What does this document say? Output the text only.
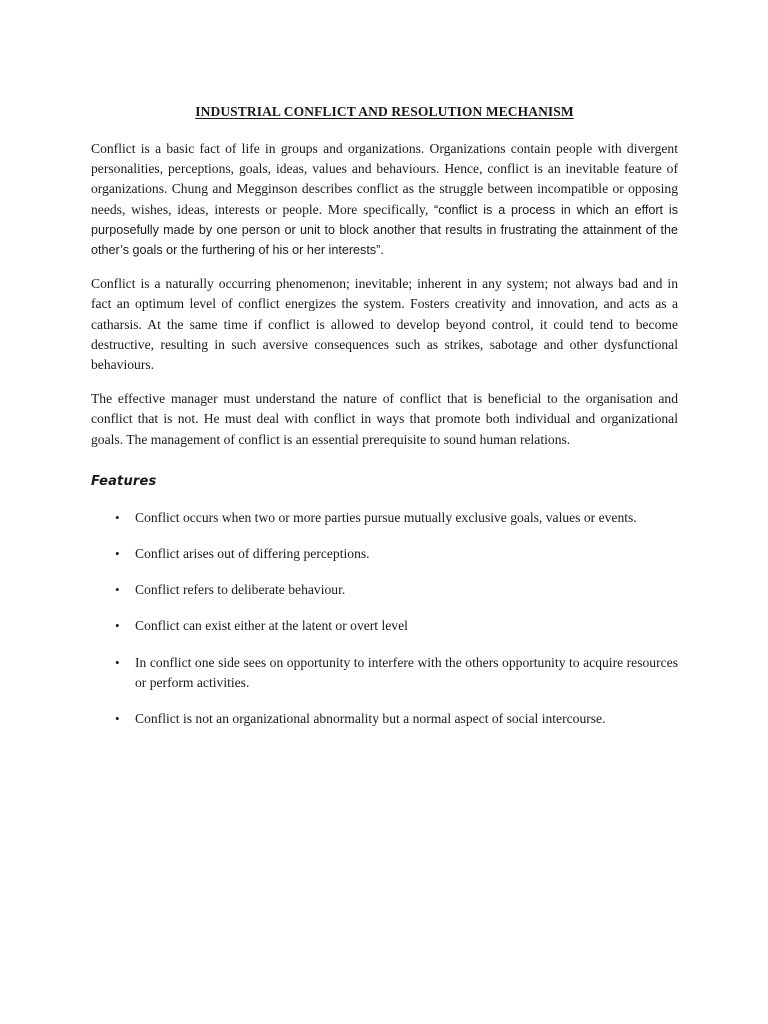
INDUSTRIAL CONFLICT AND RESOLUTION MECHANISM

Conflict is a basic fact of life in groups and organizations. Organizations contain people with divergent personalities, perceptions, goals, ideas, values and behaviours. Hence, conflict is an inevitable feature of organizations. Chung and Megginson describes conflict as the struggle between incompatible or opposing needs, wishes, ideas, interests or people. More specifically, “conflict is a process in which an effort is purposefully made by one person or unit to block another that results in frustrating the attainment of the other’s goals or the furthering of his or her interests”.

Conflict is a naturally occurring phenomenon; inevitable; inherent in any system; not always bad and in fact an optimum level of conflict energizes the system. Fosters creativity and innovation, and acts as a catharsis. At the same time if conflict is allowed to develop beyond control, it could tend to become destructive, resulting in such aversive consequences such as strikes, sabotage and other dysfunctional behaviours.

The effective manager must understand the nature of conflict that is beneficial to the organisation and conflict that is not. He must deal with conflict in ways that promote both individual and organizational goals. The management of conflict is an essential prerequisite to sound human relations.

Features
• Conflict occurs when two or more parties pursue mutually exclusive goals, values or events.
• Conflict arises out of differing perceptions.
• Conflict refers to deliberate behaviour.
• Conflict can exist either at the latent or overt level
• In conflict one side sees on opportunity to interfere with the others opportunity to acquire resources or perform activities.
• Conflict is not an organizational abnormality but a normal aspect of social intercourse.
